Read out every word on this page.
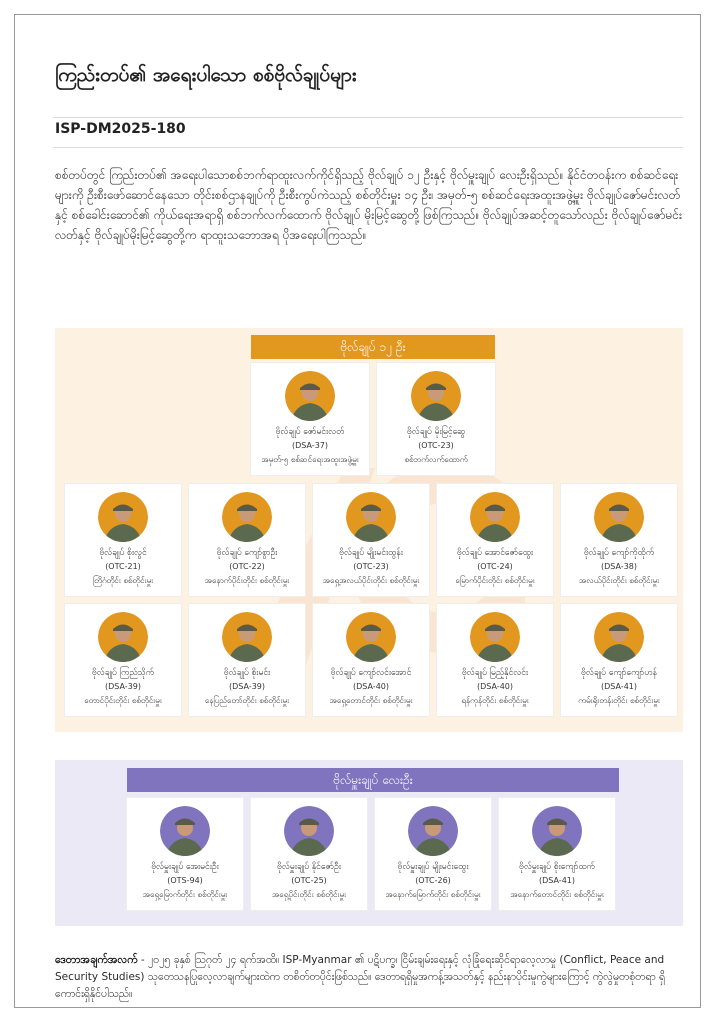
ကြည်းတပ်၏ အရေးပါသော စစ်ဗိုလ်ချုပ်များ
ISP-DM2025-180
စစ်တပ်တွင် ကြည်းတပ်၏ အရေးပါသောစစ်ဘက်ရာထူးလက်ကိုင်ရှိသည့် ဗိုလ်ချုပ် ၁၂ ဦးနှင့် ဗိုလ်မှူးချုပ် လေးဦးရှိသည်။ နိုင်ငံတဝန်းက စစ်ဆင်ရေးများကို ဦးစီးဖော်ဆောင်နေသော တိုင်းစစ်ဌာနချုပ်ကို ဦးစီးကွပ်ကဲသည့် စစ်တိုင်းမှူး ၁၄ ဦး၊ အမှတ်-၅ စစ်ဆင်ရေးအထူးအဖွဲ့မှူး ဗိုလ်ချုပ်ဇော်မင်းလတ်နှင့် စစ်ခေါင်းဆောင်၏ ကိုယ်ရေးအရာရှိ စစ်ဘက်လက်ထောက် ဗိုလ်ချုပ် မိုးမြင့်ဆွေတို့ ဖြစ်ကြသည်။ ဗိုလ်ချုပ်အဆင့်တူသော်လည်း ဗိုလ်ချုပ်ဇော်မင်းလတ်နှင့် ဗိုလ်ချုပ်မိုးမြင့်ဆွေတို့က ရာထူးသဘောအရ ပိုအရေးပါကြသည်။
ဗိုလ်ချုပ် ၁၂ ဦး
ဗိုလ်ချုပ် ဇော်မင်းလတ်
(DSA-37)
အမှတ်-၅ စစ်ဆင်ရေးအထူးအဖွဲ့မှူး
ဗိုလ်ချုပ် မိုးမြင့်ဆွေ
(OTC-23)
စစ်ဘက်လက်ထောက်
ဗိုလ်ချုပ် စိုးလွင်
(OTC-21)
တြိဂံတိုင်း စစ်တိုင်းမှူး
ဗိုလ်ချုပ် ကျော်စွာဦး
(OTC-22)
အနောက်ပိုင်းတိုင်း စစ်တိုင်းမှူး
ဗိုလ်ချုပ် မျိုးမင်းထွန်း
(OTC-23)
အရှေ့အလယ်ပိုင်းတိုင်း စစ်တိုင်းမှူး
ဗိုလ်ချုပ် အောင်ဇော်ထွေး
(OTC-24)
မြောက်ပိုင်းတိုင်း စစ်တိုင်းမှူး
ဗိုလ်ချုပ် ကျော်ကိုထိုက်
(DSA-38)
အလယ်ပိုင်းတိုင်း စစ်တိုင်းမှူး
ဗိုလ်ချုပ် ကြည်သိုက်
(DSA-39)
တောင်ပိုင်းတိုင်း စစ်တိုင်းမှူး
ဗိုလ်ချုပ် စိုးမင်း
(DSA-39)
နေပြည်တော်တိုင်း စစ်တိုင်းမှူး
ဗိုလ်ချုပ် ကျော်လင်းအောင်
(DSA-40)
အရှေ့တောင်တိုင်း စစ်တိုင်းမှူး
ဗိုလ်ချုပ် မြည့်နိုင်လင်း
(DSA-40)
ရန်ကုန်တိုင်း စစ်တိုင်းမှူး
ဗိုလ်ချုပ် ကျော်ကျော်ဟန်
(DSA-41)
ကမ်းရိုးတန်းတိုင်း စစ်တိုင်းမှူး
ဗိုလ်မှူးချုပ် လေးဦး
ဗိုလ်မှူးချုပ် အေးမင်းဦး
(OTS-94)
အရှေ့မြောက်တိုင်း စစ်တိုင်းမှူး
ဗိုလ်မှူးချုပ် နိုင်ဇော်ဦး
(OTC-25)
အရှေ့ပိုင်းတိုင်း စစ်တိုင်းမှူး
ဗိုလ်မှူးချုပ် မျိုးမင်းထွေး
(OTC-26)
အနောက်မြောက်တိုင်း စစ်တိုင်းမှူး
ဗိုလ်မှူးချုပ် စိုးကျော်ထက်
(DSA-41)
အနောက်တောင်တိုင်း စစ်တိုင်းမှူး
ဒေတာအချက်အလက် - ၂၀၂၅ ခုနှစ် ဩဂုတ် ၂၄ ရက်အထိ။ ISP-Myanmar ၏ ပဋိပက္ခ၊ ငြိမ်းချမ်းရေးနှင့် လုံခြုံရေးဆိုင်ရာလေ့လာမှု (Conflict, Peace and Security Studies) သုတေသနပြုလေ့လာချက်များထဲက တစိတ်တပိုင်းဖြစ်သည်။ ဒေတာရရှိမှုအကန့်အသတ်နှင့် နည်းနာပိုင်းမူကွဲများကြောင့် ကွဲလွဲမှုတစုံတရာ ရှိကောင်းရှိနိုင်ပါသည်။
